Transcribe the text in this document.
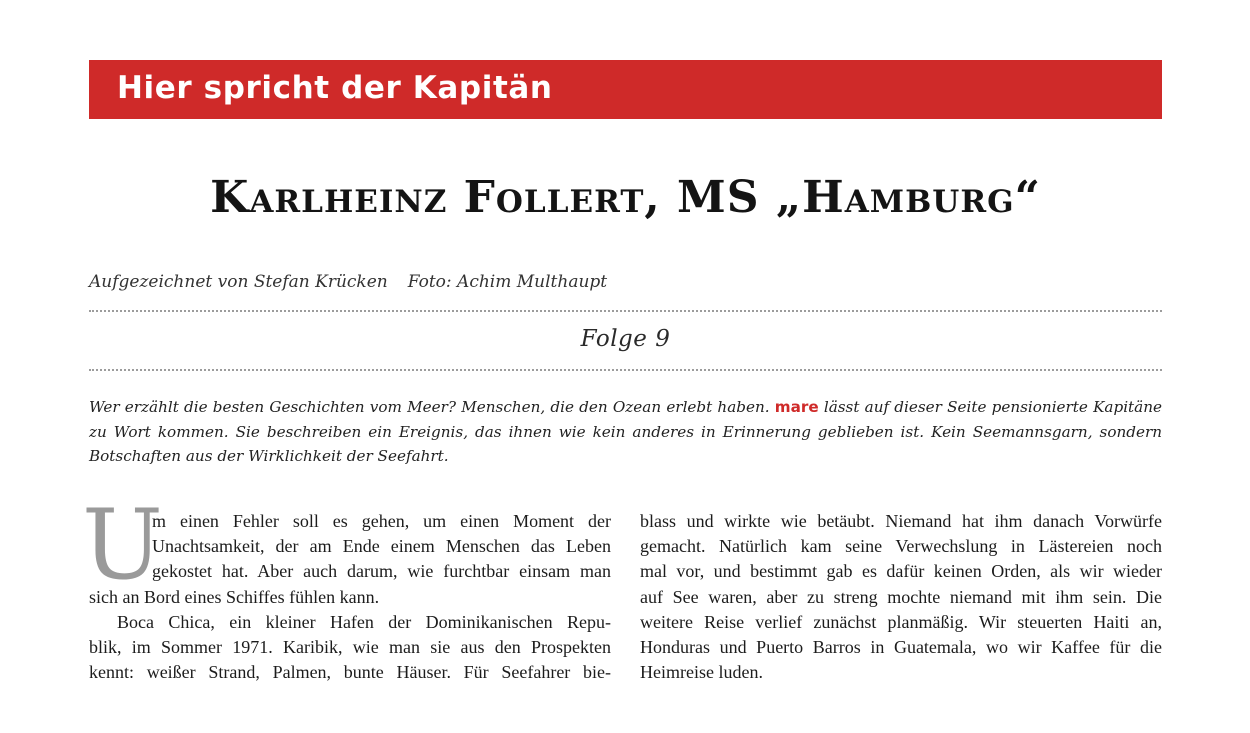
Hier spricht der Kapitän
Karlheinz Follert, MS „Hamburg“
Aufgezeichnet von Stefan Krücken Foto: Achim Multhaupt
Folge 9
Wer erzählt die besten Geschichten vom Meer? Menschen, die den Ozean erlebt haben. mare lässt auf dieser Seite pensionierte Kapitäne zu Wort kommen. Sie beschreiben ein Ereignis, das ihnen wie kein anderes in Erinnerung geblieben ist. Kein Seemannsgarn, sondern Botschaften aus der Wirklichkeit der Seefahrt.
U
m einen Fehler soll es gehen, um einen Moment der
Unachtsamkeit, der am Ende einem Menschen das Leben
gekostet hat. Aber auch darum, wie furchtbar einsam man
sich an Bord eines Schiffes fühlen kann.
Boca Chica, ein kleiner Hafen der Dominikanischen Repu-
blik, im Sommer 1971. Karibik, wie man sie aus den Prospekten
kennt: weißer Strand, Palmen, bunte Häuser. Für Seefahrer bie-
blass und wirkte wie betäubt. Niemand hat ihm danach Vorwürfe
gemacht. Natürlich kam seine Verwechslung in Lästereien noch
mal vor, und bestimmt gab es dafür keinen Orden, als wir wieder
auf See waren, aber zu streng mochte niemand mit ihm sein. Die
weitere Reise verlief zunächst planmäßig. Wir steuerten Haiti an,
Honduras und Puerto Barros in Guatemala, wo wir Kaffee für die
Heimreise luden.
